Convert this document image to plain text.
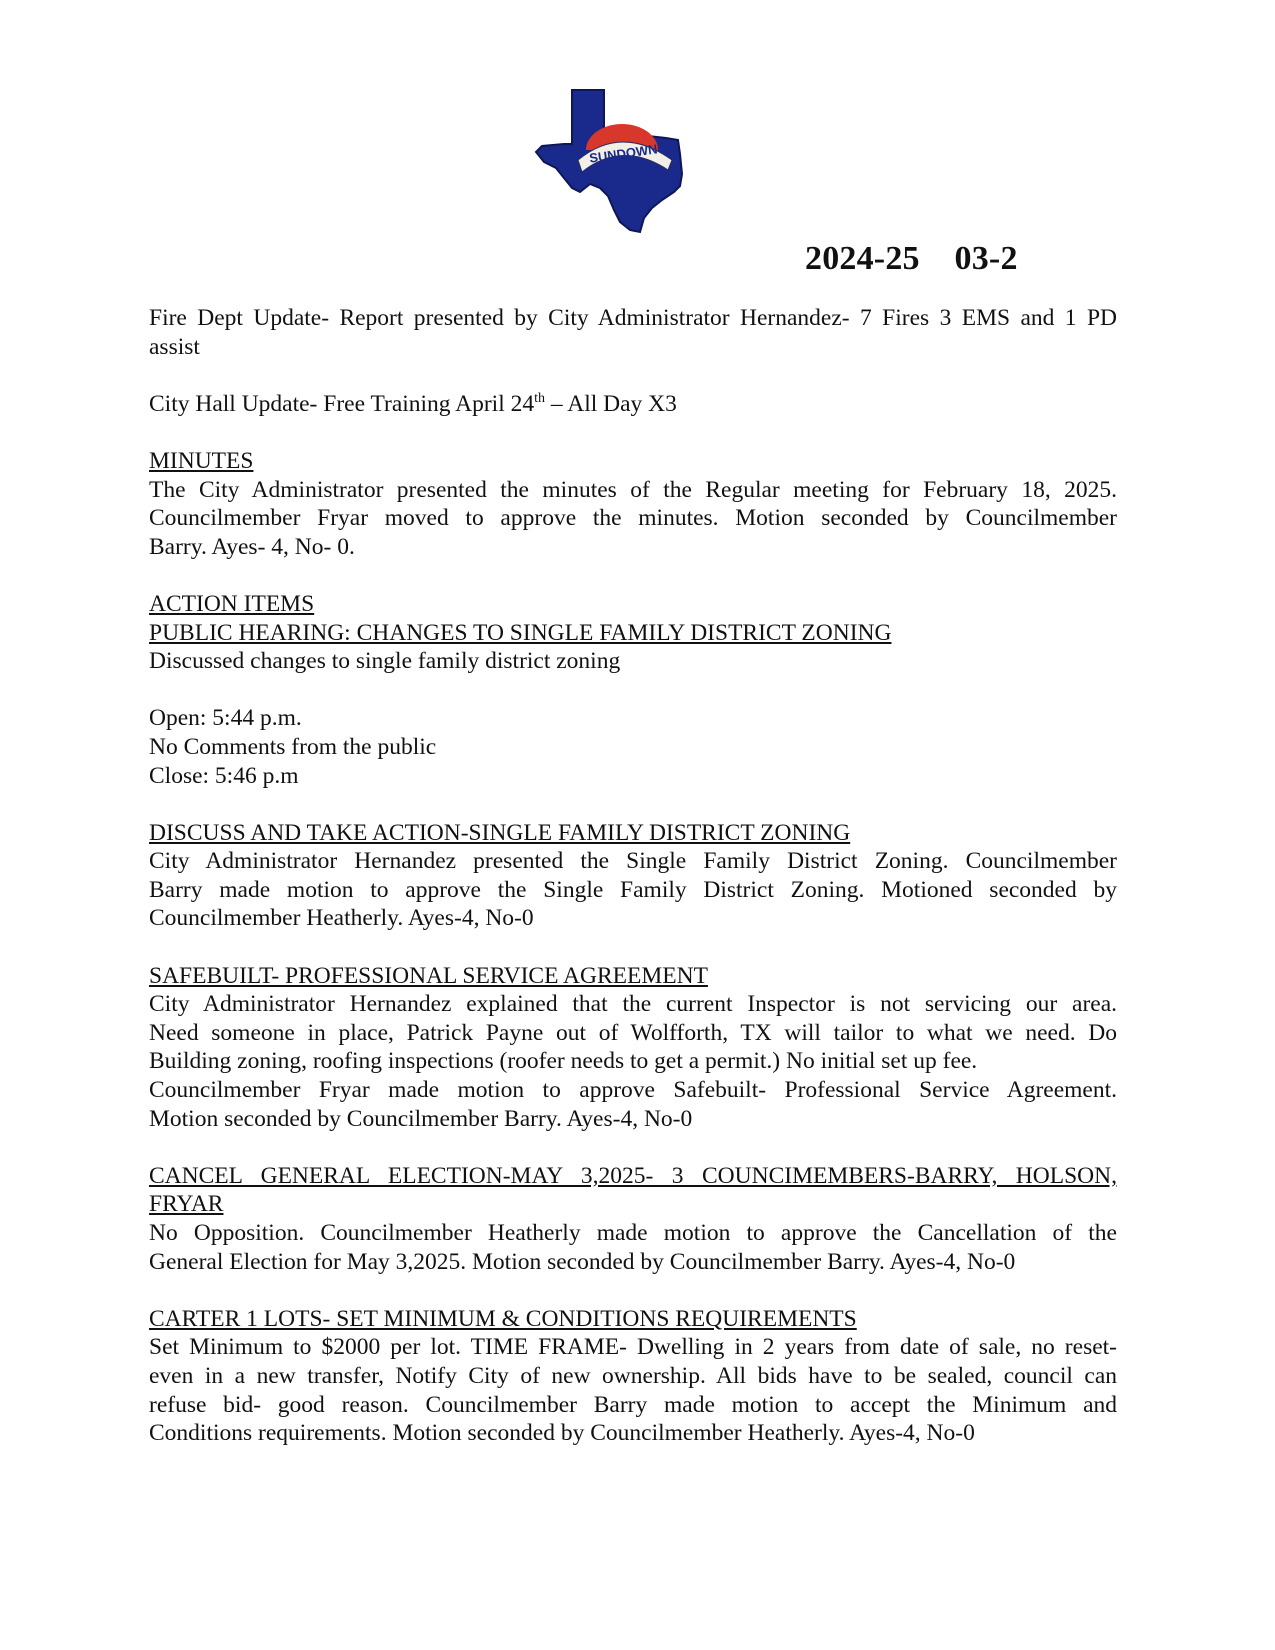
SUNDOWN
2024-25    03-2
Fire Dept Update- Report presented by City Administrator Hernandez- 7 Fires 3 EMS and 1 PD
assist
City Hall Update- Free Training April 24th – All Day X3
MINUTES
The City Administrator presented the minutes of the Regular meeting for February 18, 2025.
Councilmember Fryar moved to approve the minutes. Motion seconded by Councilmember
Barry. Ayes- 4, No- 0.
ACTION ITEMS
PUBLIC HEARING: CHANGES TO SINGLE FAMILY DISTRICT ZONING
Discussed changes to single family district zoning
Open: 5:44 p.m.
No Comments from the public
Close: 5:46 p.m
DISCUSS AND TAKE ACTION-SINGLE FAMILY DISTRICT ZONING
City Administrator Hernandez presented the Single Family District Zoning. Councilmember
Barry made motion to approve the Single Family District Zoning. Motioned seconded by
Councilmember Heatherly. Ayes-4, No-0
SAFEBUILT- PROFESSIONAL SERVICE AGREEMENT
City Administrator Hernandez explained that the current Inspector is not servicing our area.
Need someone in place, Patrick Payne out of Wolfforth, TX will tailor to what we need. Do
Building zoning, roofing inspections (roofer needs to get a permit.) No initial set up fee.
Councilmember Fryar made motion to approve Safebuilt- Professional Service Agreement.
Motion seconded by Councilmember Barry. Ayes-4, No-0
CANCEL GENERAL ELECTION-MAY 3,2025- 3 COUNCIMEMBERS-BARRY, HOLSON,
FRYAR
No Opposition. Councilmember Heatherly made motion to approve the Cancellation of the
General Election for May 3,2025. Motion seconded by Councilmember Barry. Ayes-4, No-0
CARTER 1 LOTS- SET MINIMUM & CONDITIONS REQUIREMENTS
Set Minimum to $2000 per lot. TIME FRAME- Dwelling in 2 years from date of sale, no reset-
even in a new transfer, Notify City of new ownership. All bids have to be sealed, council can
refuse bid- good reason. Councilmember Barry made motion to accept the Minimum and
Conditions requirements. Motion seconded by Councilmember Heatherly. Ayes-4, No-0
